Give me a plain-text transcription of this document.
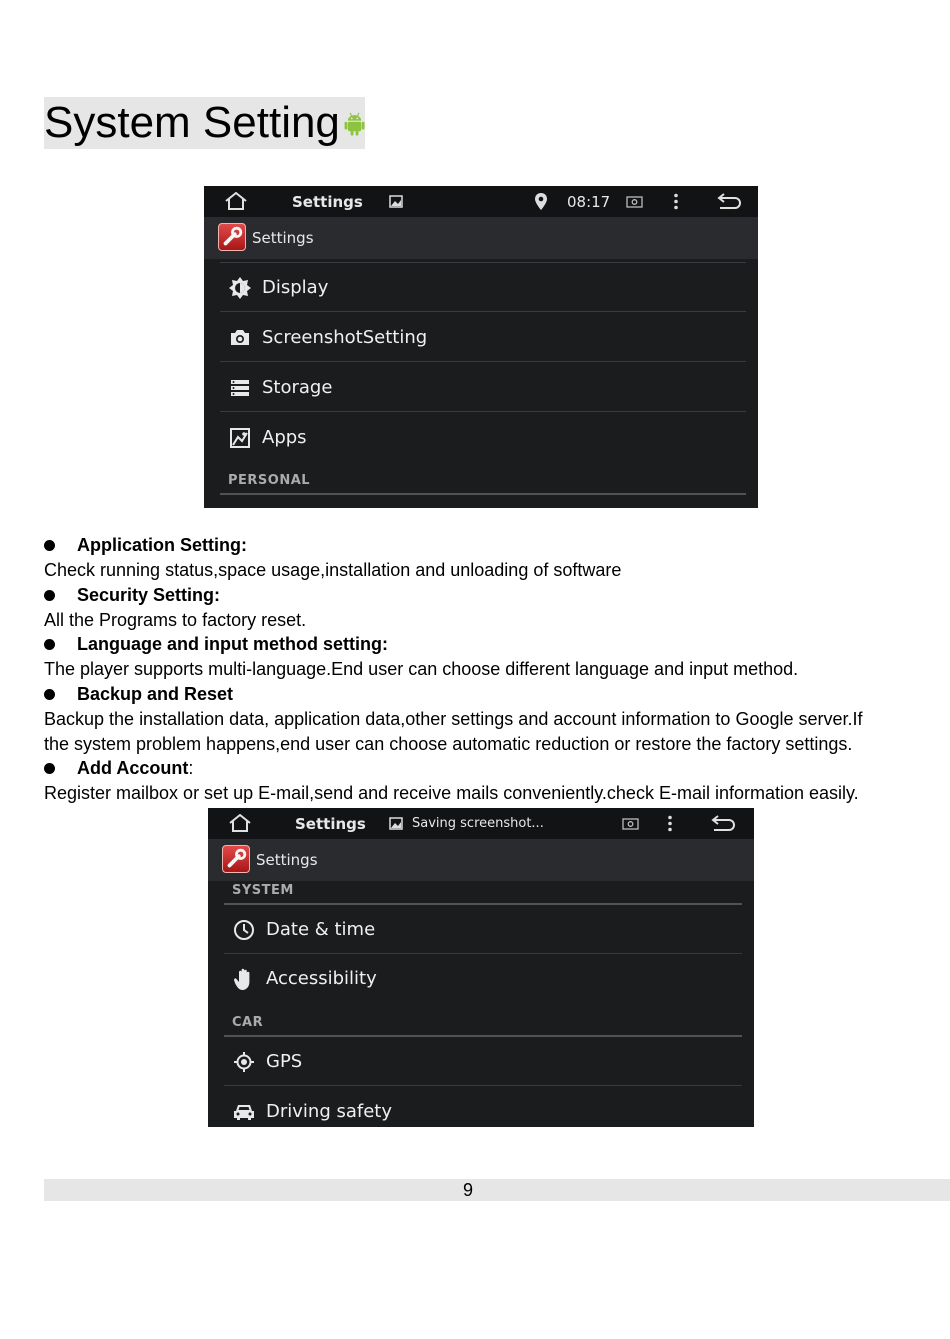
System Setting
Settings	08:17
Settings
Display
ScreenshotSetting
Storage
Apps
PERSONAL
Application Setting:
Check running status,space usage,installation and unloading of software
Security Setting:
All the Programs to factory reset.
Language and input method setting:
The player supports multi-language.End user can choose different language and input method.
Backup and Reset
Backup the installation data, application data,other settings and account information to Google server.If
the system problem happens,end user can choose automatic reduction or restore the factory settings.
Add Account:
Register mailbox or set up E-mail,send and receive mails conveniently.check E-mail information easily.
Settings	Saving screenshot...
Settings
SYSTEM
Date & time
Accessibility
CAR
GPS
Driving safety
9
